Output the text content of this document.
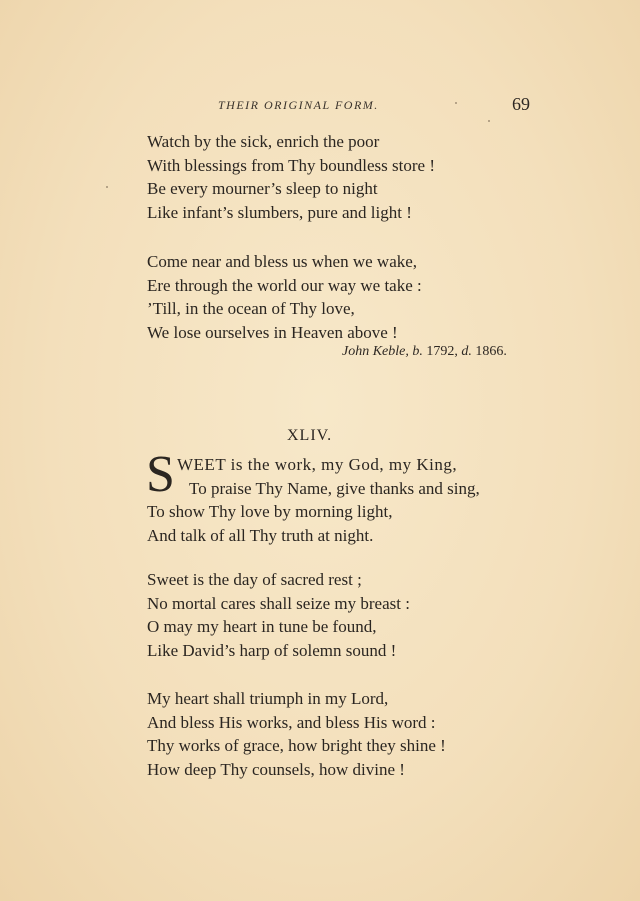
THEIR ORIGINAL FORM.	69
Watch by the sick, enrich the poor
With blessings from Thy boundless store !
Be every mourner’s sleep to night
Like infant’s slumbers, pure and light !
Come near and bless us when we wake,
Ere through the world our way we take :
’Till, in the ocean of Thy love,
We lose ourselves in Heaven above !
John Keble, b. 1792, d. 1866.
XLIV.
S WEET is the work, my God, my King,
To praise Thy Name, give thanks and sing,
To show Thy love by morning light,
And talk of all Thy truth at night.
Sweet is the day of sacred rest ;
No mortal cares shall seize my breast :
O may my heart in tune be found,
Like David’s harp of solemn sound !
My heart shall triumph in my Lord,
And bless His works, and bless His word :
Thy works of grace, how bright they shine !
How deep Thy counsels, how divine !
